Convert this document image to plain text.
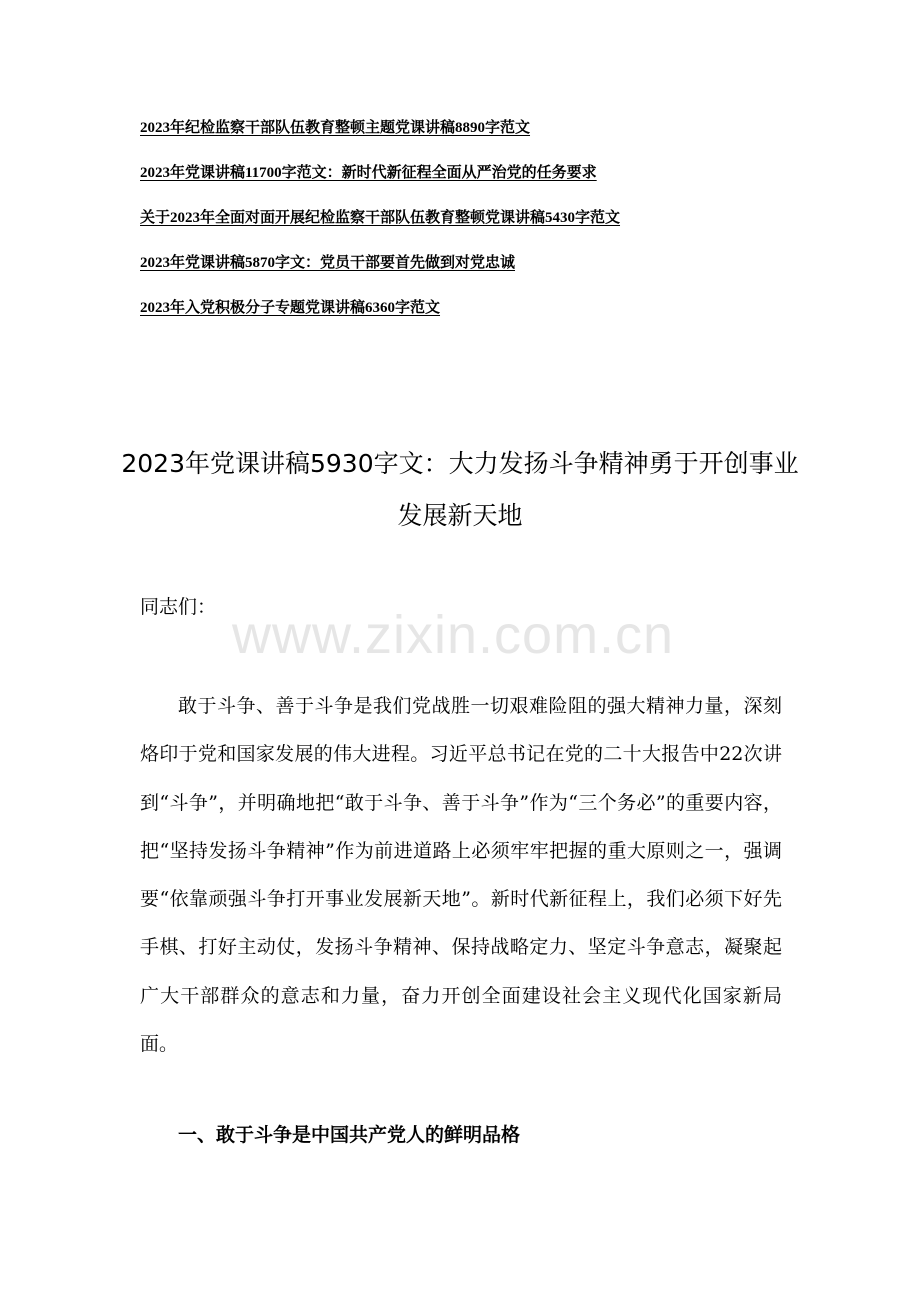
2023年纪检监察干部队伍教育整顿主题党课讲稿8890字范文
2023年党课讲稿11700字范文：新时代新征程全面从严治党的任务要求
关于2023年全面对面开展纪检监察干部队伍教育整顿党课讲稿5430字范文
2023年党课讲稿5870字文：党员干部要首先做到对党忠诚
2023年入党积极分子专题党课讲稿6360字范文
2023年党课讲稿5930字文：大力发扬斗争精神勇于开创事业发展新天地
www.zixin.com.cn

同志们：

敢于斗争、善于斗争是我们党战胜一切艰难险阻的强大精神力量，深刻烙印于党和国家发展的伟大进程。习近平总书记在党的二十大报告中22次讲到“斗争”，并明确地把“敢于斗争、善于斗争”作为“三个务必”的重要内容，把“坚持发扬斗争精神”作为前进道路上必须牢牢把握的重大原则之一，强调要“依靠顽强斗争打开事业发展新天地”。新时代新征程上，我们必须下好先手棋、打好主动仗，发扬斗争精神、保持战略定力、坚定斗争意志，凝聚起广大干部群众的意志和力量，奋力开创全面建设社会主义现代化国家新局面。

一、敢于斗争是中国共产党人的鲜明品格
